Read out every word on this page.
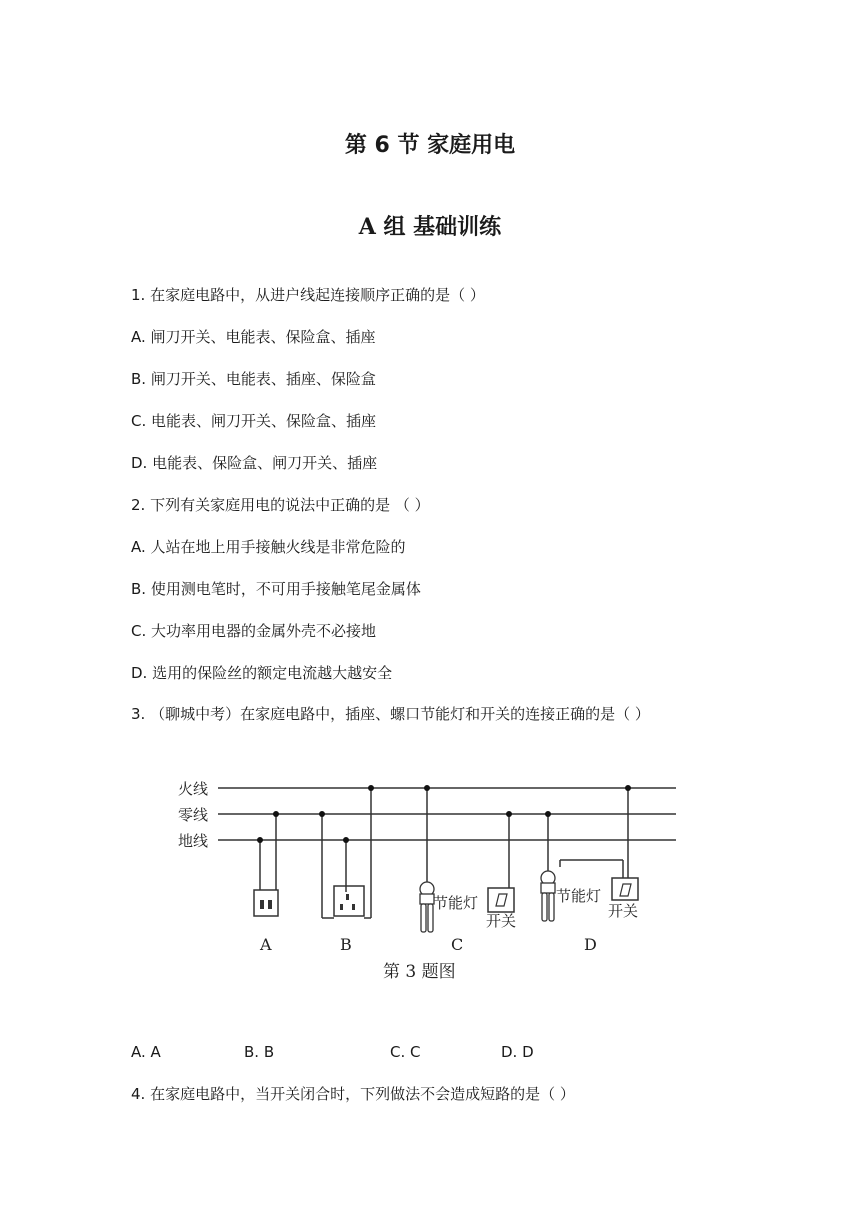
第 6 节 家庭用电
A 组 基础训练
1. 在家庭电路中，从进户线起连接顺序正确的是（ ）
A. 闸刀开关、电能表、保险盒、插座
B. 闸刀开关、电能表、插座、保险盒
C. 电能表、闸刀开关、保险盒、插座
D. 电能表、保险盒、闸刀开关、插座
2. 下列有关家庭用电的说法中正确的是 （ ）
A. 人站在地上用手接触火线是非常危险的
B. 使用测电笔时，不可用手接触笔尾金属体
C. 大功率用电器的金属外壳不必接地
D. 选用的保险丝的额定电流越大越安全
3. （聊城中考）在家庭电路中，插座、螺口节能灯和开关的连接正确的是（ ）
火线
零线
地线
节能灯
开关
节能灯
开关
A	B	C	D
第 3 题图
A. A	B. B	C. C	D. D
4. 在家庭电路中，当开关闭合时，下列做法不会造成短路的是（ ）
